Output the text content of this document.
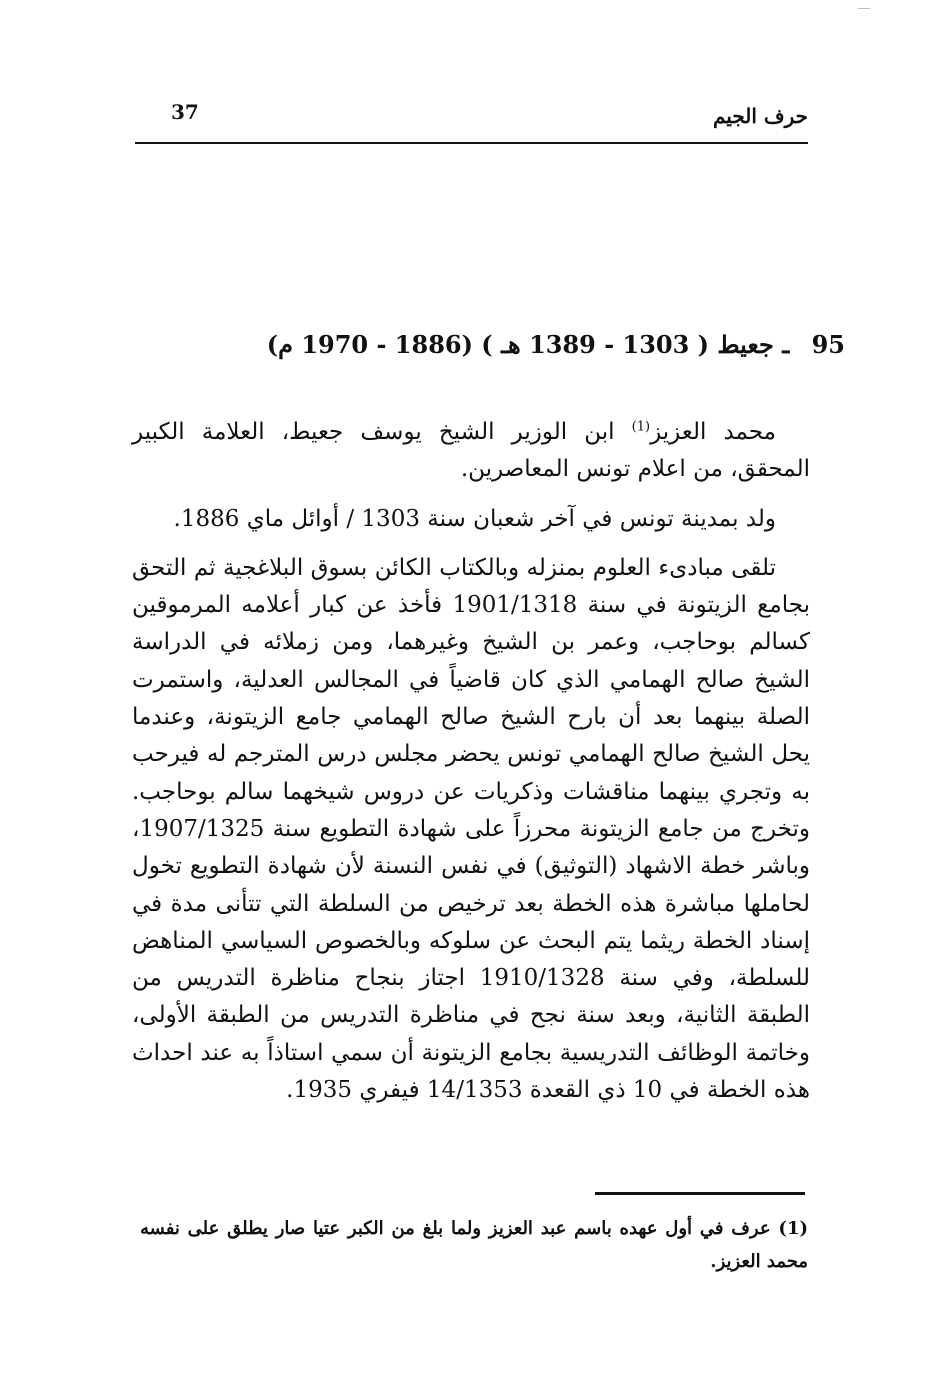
37	حرف الجيم
95 ـ جعيط ( 1303 - 1389 هـ ) (1886 - 1970 م)

محمد العزيز$^{(1)}$ ابن الوزير الشيخ يوسف جعيط، العلامة الكبير المحقق، من اعلام تونس المعاصرين.

ولد بمدينة تونس في آخر شعبان سنة 1303 / أوائل ماي 1886.

تلقى مبادىء العلوم بمنزله وبالكتاب الكائن بسوق البلاغجية ثم التحق بجامع الزيتونة في سنة 1901/1318 فأخذ عن كبار أعلامه المرموقين كسالم بوحاجب، وعمر بن الشيخ وغيرهما، ومن زملائه في الدراسة الشيخ صالح الهمامي الذي كان قاضياً في المجالس العدلية، واستمرت الصلة بينهما بعد أن بارح الشيخ صالح الهمامي جامع الزيتونة، وعندما يحل الشيخ صالح الهمامي تونس يحضر مجلس درس المترجم له فيرحب به وتجري بينهما مناقشات وذكريات عن دروس شيخهما سالم بوحاجب. وتخرج من جامع الزيتونة محرزاً على شهادة التطويع سنة 1907/1325، وباشر خطة الاشهاد (التوثيق) في نفس النسنة لأن شهادة التطويع تخول لحاملها مباشرة هذه الخطة بعد ترخيص من السلطة التي تتأنى مدة في إسناد الخطة ريثما يتم البحث عن سلوكه وبالخصوص السياسي المناهض للسلطة، وفي سنة 1910/1328 اجتاز بنجاح مناظرة التدريس من الطبقة الثانية، وبعد سنة نجح في مناظرة التدريس من الطبقة الأولى، وخاتمة الوظائف التدريسية بجامع الزيتونة أن سمي استاذاً به عند احداث هذه الخطة في 10 ذي القعدة 14/1353 فيفري 1935.

(1) عرف في أول عهده باسم عبد العزيز ولما بلغ من الكبر عتيا صار يطلق على نفسه محمد العزيز.
